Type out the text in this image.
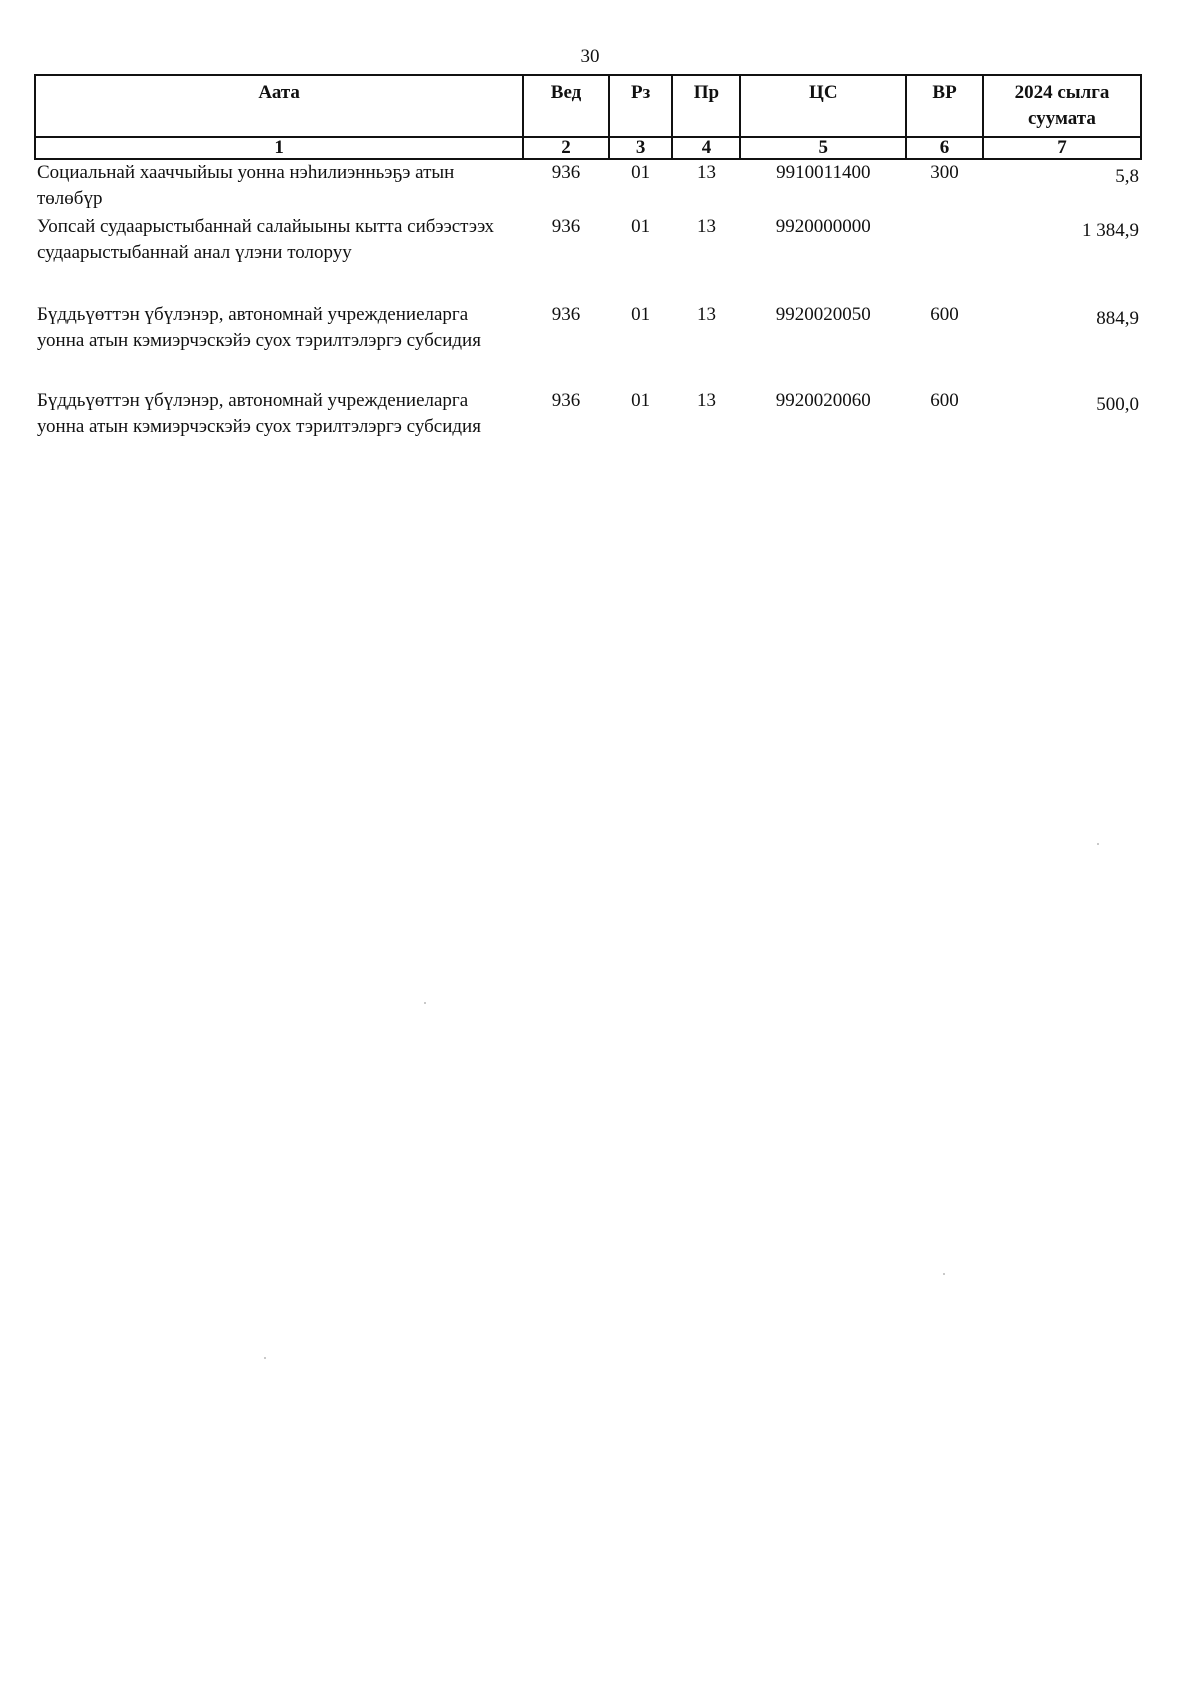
30
Аата	Вед	Рз	Пр	ЦС	ВР	2024 сылга суумата
1	2	3	4	5	6	7
Социальнай хааччыйыы уонна нэһилиэнньэҕэ атын төлөбүр	936	01	13	9910011400	300	5,8
Уопсай судаарыстыбаннай салайыыны кытта сибээстээх судаарыстыбаннай анал үлэни толоруу	936	01	13	9920000000		1 384,9
Бүддьүөттэн үбүлэнэр, автономнай учреждениеларга уонна атын кэмиэрчэскэйэ суох тэрилтэлэргэ субсидия	936	01	13	9920020050	600	884,9
Бүддьүөттэн үбүлэнэр, автономнай учреждениеларга уонна атын кэмиэрчэскэйэ суох тэрилтэлэргэ субсидия	936	01	13	9920020060	600	500,0
